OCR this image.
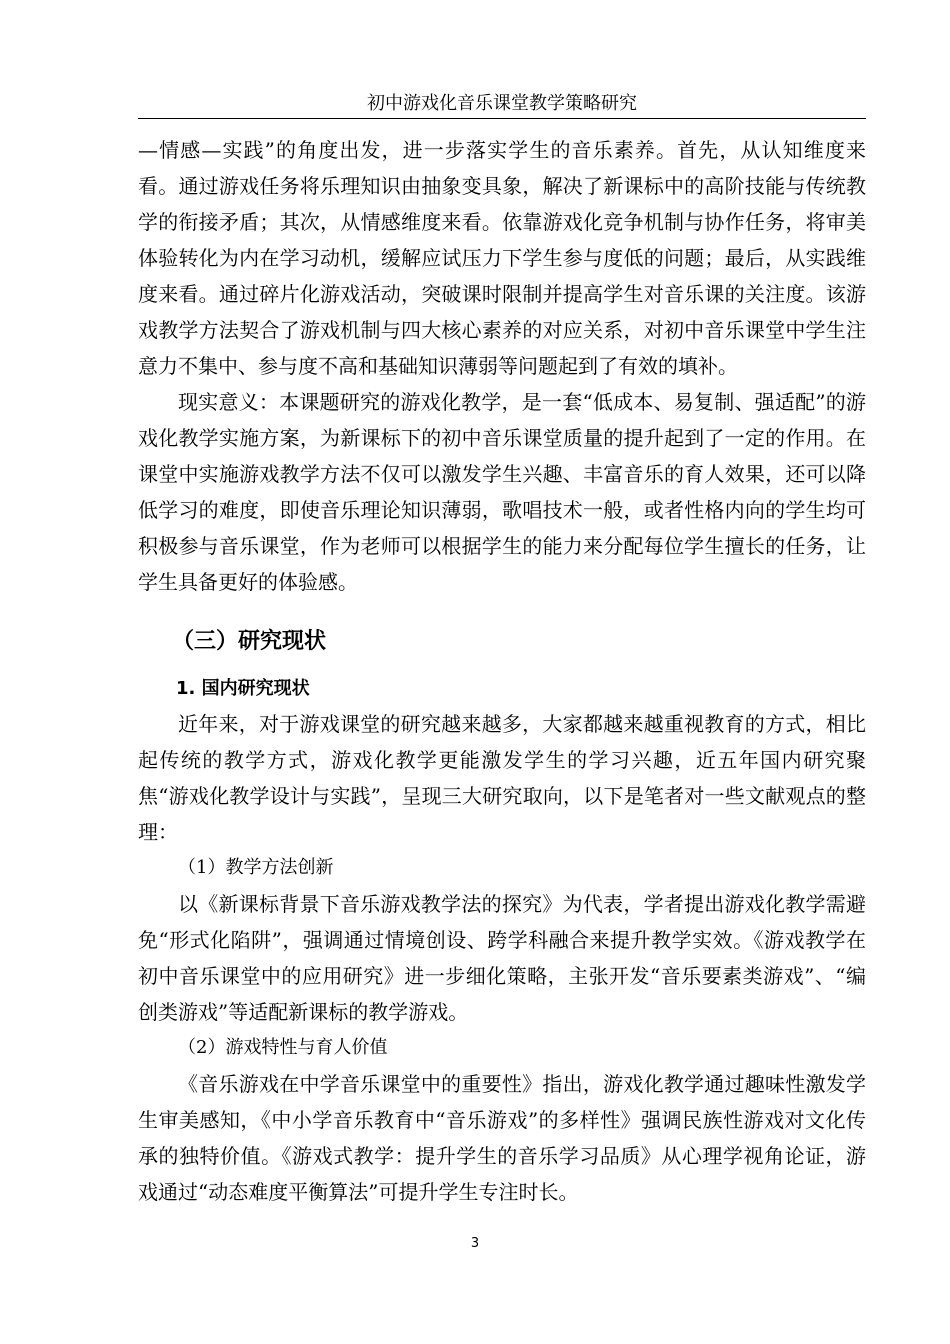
初中游戏化音乐课堂教学策略研究

—情感—实践”的角度出发，进一步落实学生的音乐素养。首先，从认知维度来看。通过游戏任务将乐理知识由抽象变具象，解决了新课标中的高阶技能与传统教学的衔接矛盾；其次，从情感维度来看。依靠游戏化竞争机制与协作任务，将审美体验转化为内在学习动机，缓解应试压力下学生参与度低的问题；最后，从实践维度来看。通过碎片化游戏活动，突破课时限制并提高学生对音乐课的关注度。该游戏教学方法契合了游戏机制与四大核心素养的对应关系，对初中音乐课堂中学生注意力不集中、参与度不高和基础知识薄弱等问题起到了有效的填补。

现实意义：本课题研究的游戏化教学，是一套“低成本、易复制、强适配”的游戏化教学实施方案，为新课标下的初中音乐课堂质量的提升起到了一定的作用。在课堂中实施游戏教学方法不仅可以激发学生兴趣、丰富音乐的育人效果，还可以降低学习的难度，即使音乐理论知识薄弱，歌唱技术一般，或者性格内向的学生均可积极参与音乐课堂，作为老师可以根据学生的能力来分配每位学生擅长的任务，让学生具备更好的体验感。

（三）研究现状
1. 国内研究现状

近年来，对于游戏课堂的研究越来越多，大家都越来越重视教育的方式，相比起传统的教学方式，游戏化教学更能激发学生的学习兴趣，近五年国内研究聚焦“游戏化教学设计与实践”，呈现三大研究取向，以下是笔者对一些文献观点的整理：

（1）教学方法创新

以《新课标背景下音乐游戏教学法的探究》为代表，学者提出游戏化教学需避免“形式化陷阱”，强调通过情境创设、跨学科融合来提升教学实效。《游戏教学在初中音乐课堂中的应用研究》进一步细化策略，主张开发“音乐要素类游戏”、“编创类游戏”等适配新课标的教学游戏。

（2）游戏特性与育人价值

《音乐游戏在中学音乐课堂中的重要性》指出，游戏化教学通过趣味性激发学生审美感知，《中小学音乐教育中“音乐游戏”的多样性》强调民族性游戏对文化传承的独特价值。《游戏式教学：提升学生的音乐学习品质》从心理学视角论证，游戏通过“动态难度平衡算法”可提升学生专注时长。

3
